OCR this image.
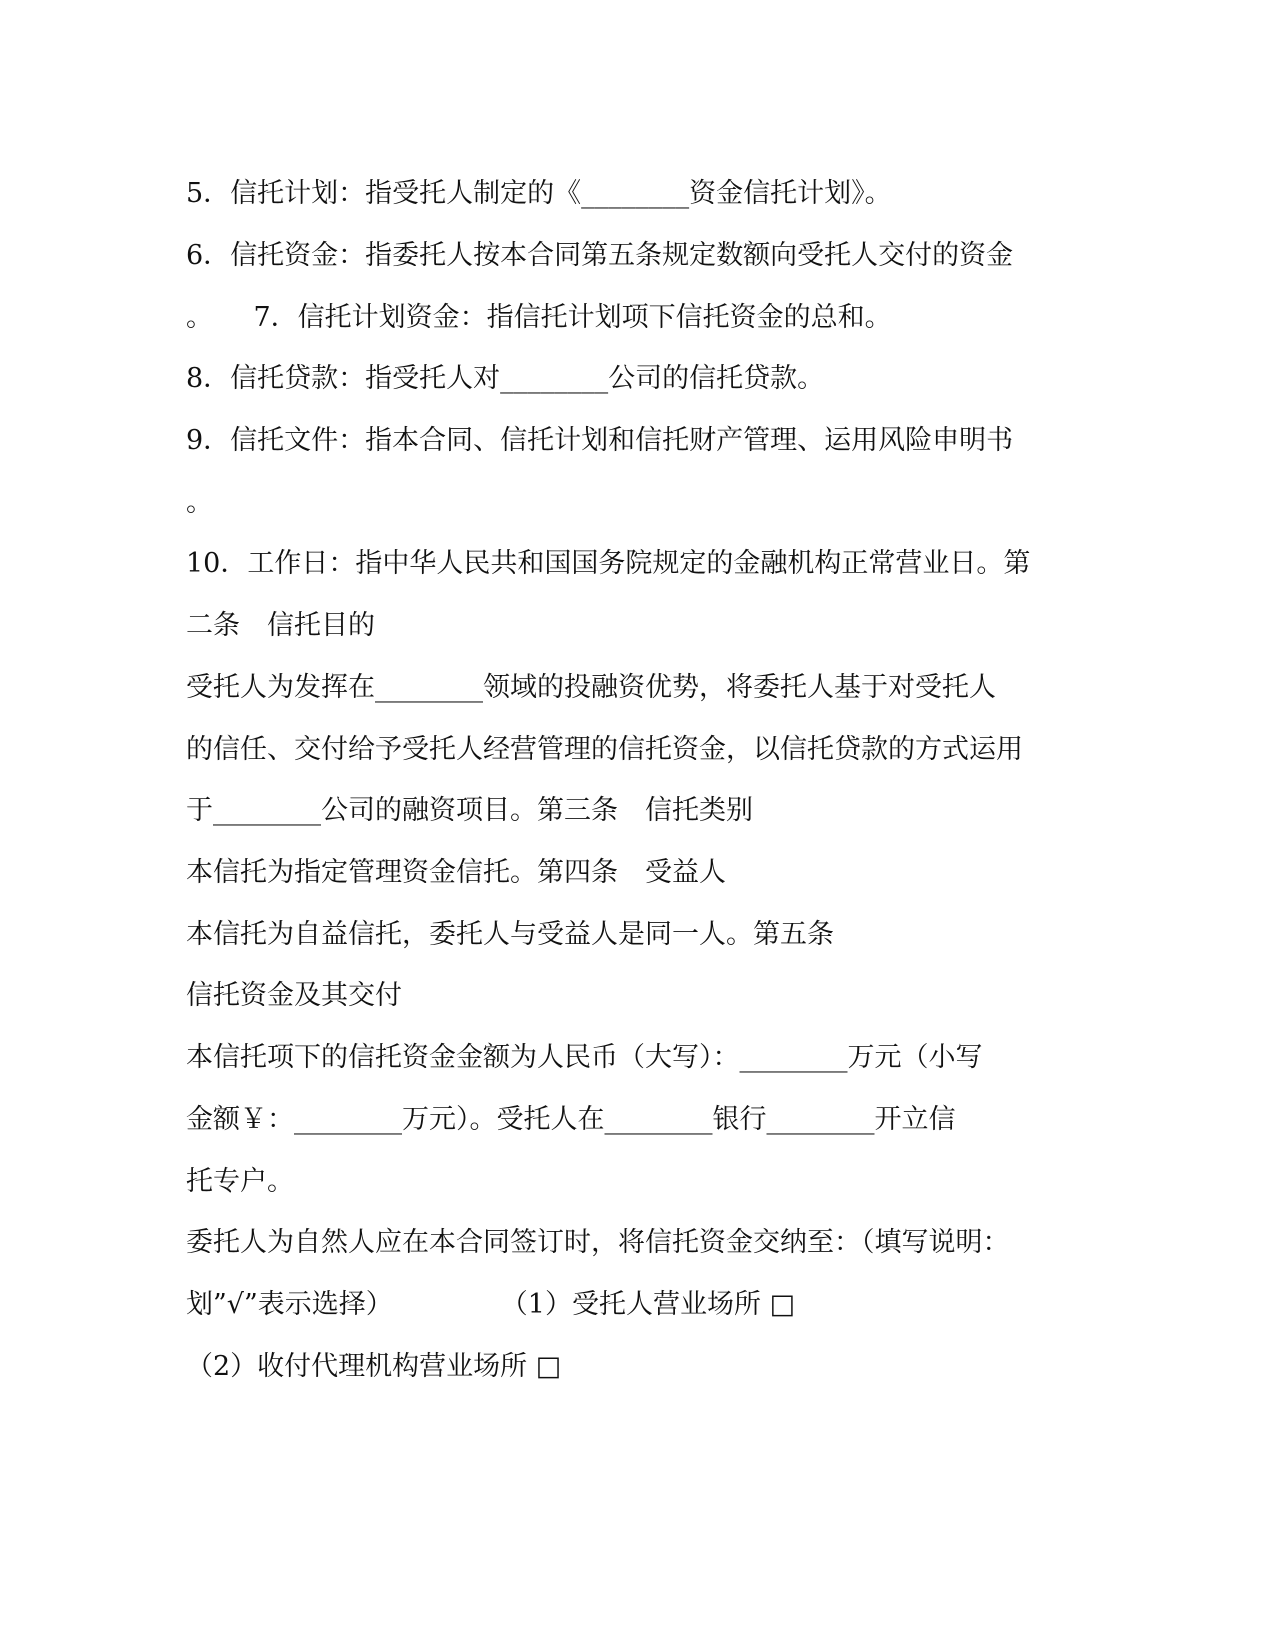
5．信托计划：指受托人制定的《________资金信托计划》。
6．信托资金：指委托人按本合同第五条规定数额向受托人交付的资金
。　　7．信托计划资金：指信托计划项下信托资金的总和。
8．信托贷款：指受托人对________公司的信托贷款。
9．信托文件：指本合同、信托计划和信托财产管理、运用风险申明书
。
10．工作日：指中华人民共和国国务院规定的金融机构正常营业日。第
二条　信托目的
受托人为发挥在________领域的投融资优势，将委托人基于对受托人
的信任、交付给予受托人经营管理的信托资金，以信托贷款的方式运用
于________公司的融资项目。第三条　信托类别
本信托为指定管理资金信托。第四条　受益人
本信托为自益信托，委托人与受益人是同一人。第五条
信托资金及其交付
本信托项下的信托资金金额为人民币（大写）：________万元（小写
金额￥：________万元）。受托人在________银行________开立信
托专户。
委托人为自然人应在本合同签订时，将信托资金交纳至：（填写说明：
划”√”表示选择）　　　　　（1）受托人营业场所 □
（2）收付代理机构营业场所 □
